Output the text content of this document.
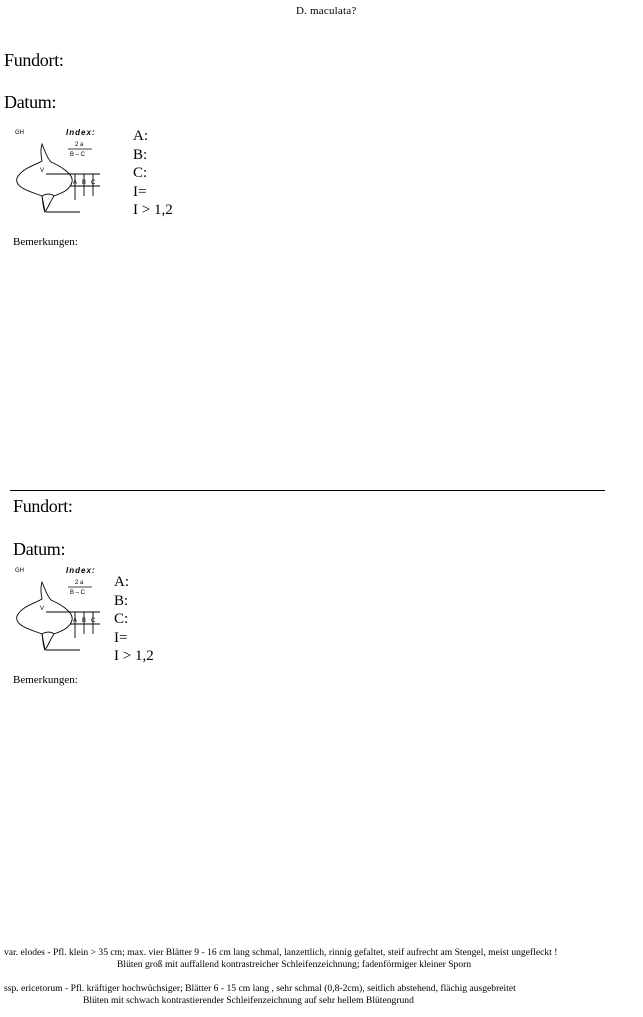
D. maculata?
Fundort:
Datum:
GH	Index:
2 a
B – C
V
A B C
A:
B:
C:
I=
I > 1,2
Bemerkungen:
Fundort:
Datum:
GH	Index:
2 a
B – C
V
A B C
A:
B:
C:
I=
I > 1,2
Bemerkungen:
var. elodes - Pfl. klein > 35 cm; max. vier Blätter 9 - 16 cm lang schmal, lanzettlich, rinnig gefaltet, steif aufrecht am Stengel, meist ungefleckt !
Blüten groß mit auffallend kontrastreicher Schleifenzeichnung; fadenförmiger kleiner Sporn
ssp. ericetorum - Pfl. kräftiger hochwüchsiger; Blätter 6 - 15 cm lang , sehr schmal (0,8-2cm), seitlich abstehend, flächig ausgebreitet
Blüten mit schwach kontrastierender Schleifenzeichnung auf sehr hellem Blütengrund
